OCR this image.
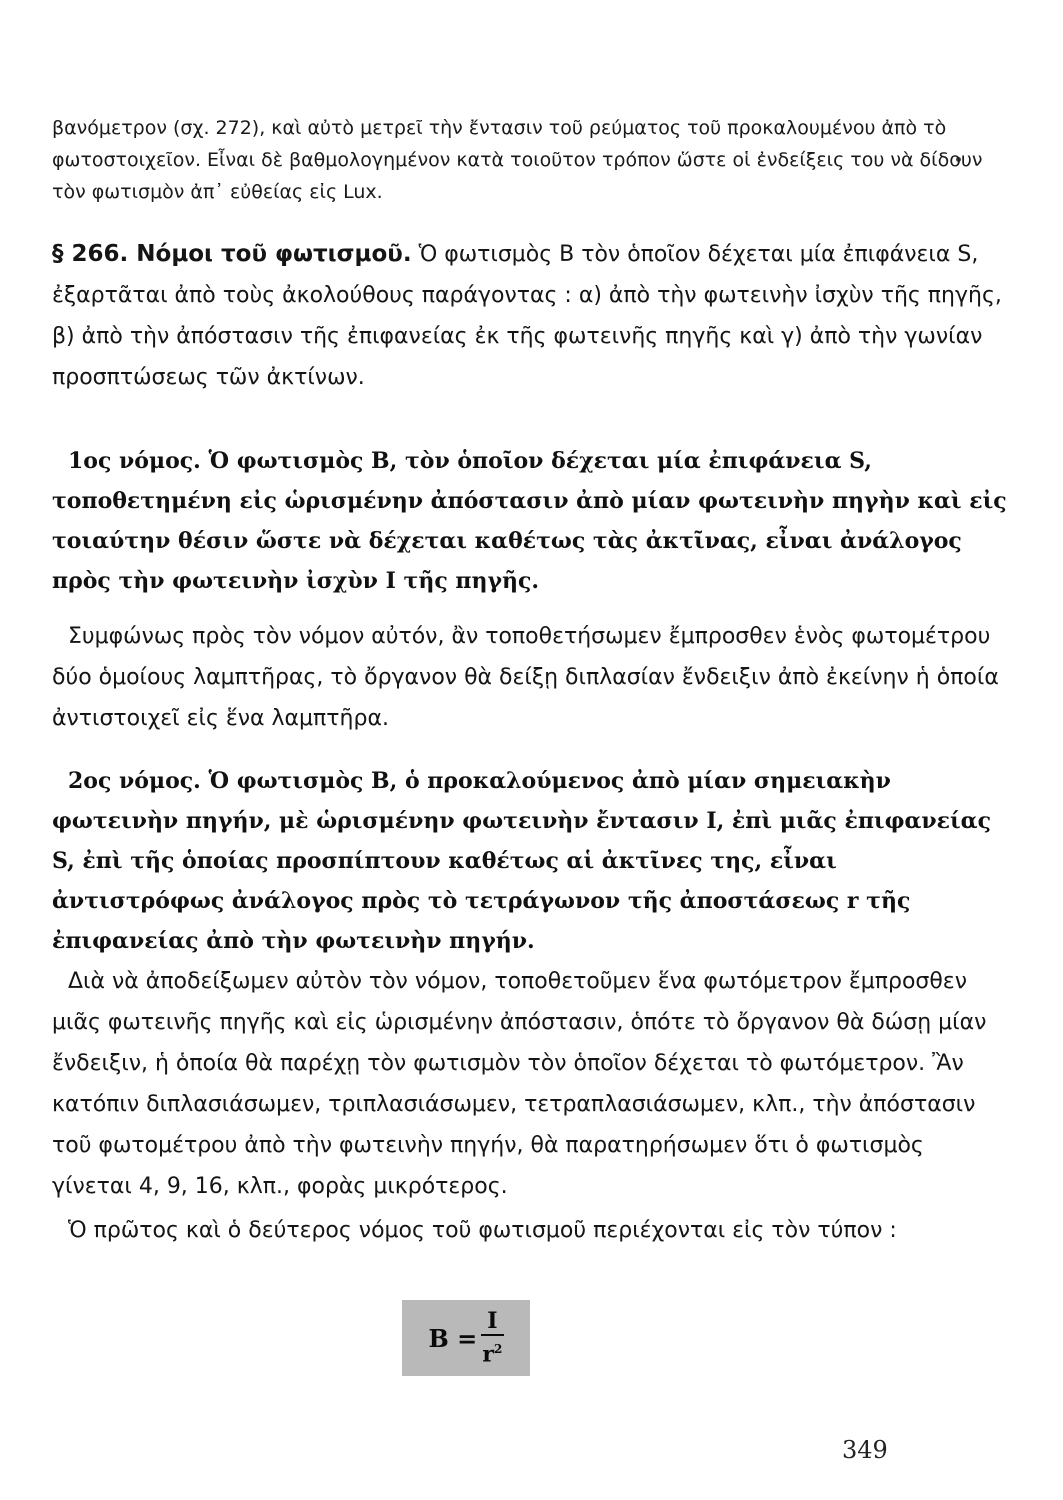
βανόμετρον (σχ. 272), καὶ αὐτὸ μετρεῖ τὴν ἔντασιν τοῦ ρεύματος τοῦ προκαλουμένου ἀπὸ τὸ φωτοστοιχεῖον. Εἶναι δὲ βαθμολογημένον κατὰ τοιοῦτον τρόπον ὥστε οἱ ἐνδείξεις του νὰ δίδουν τὸν φωτισμὸν ἀπ᾽ εὐθείας εἰς Lux.
§ 266. Νόμοι τοῦ φωτισμοῦ. Ὁ φωτισμὸς Β τὸν ὁποῖον δέχεται μία ἐπιφάνεια S, ἐξαρτᾶται ἀπὸ τοὺς ἀκολούθους παράγοντας : α) ἀπὸ τὴν φωτεινὴν ἰσχὺν τῆς πηγῆς, β) ἀπὸ τὴν ἀπόστασιν τῆς ἐπιφανείας ἐκ τῆς φωτεινῆς πηγῆς καὶ γ) ἀπὸ τὴν γωνίαν προσπτώσεως τῶν ἀκτίνων.
1ος νόμος. Ὁ φωτισμὸς Β, τὸν ὁποῖον δέχεται μία ἐπιφάνεια S, τοποθετημένη εἰς ὡρισμένην ἀπόστασιν ἀπὸ μίαν φωτεινὴν πηγὴν καὶ εἰς τοιαύτην θέσιν ὥστε νὰ δέχεται καθέτως τὰς ἀκτῖνας, εἶναι ἀνάλογος πρὸς τὴν φωτεινὴν ἰσχὺν Ι τῆς πηγῆς.
Συμφώνως πρὸς τὸν νόμον αὐτόν, ἂν τοποθετήσωμεν ἔμπροσθεν ἑνὸς φωτομέτρου δύο ὁμοίους λαμπτῆρας, τὸ ὄργανον θὰ δείξῃ διπλασίαν ἔνδειξιν ἀπὸ ἐκείνην ἡ ὁποία ἀντιστοιχεῖ εἰς ἕνα λαμπτῆρα.
2ος νόμος. Ὁ φωτισμὸς Β, ὁ προκαλούμενος ἀπὸ μίαν σημειακὴν φωτεινὴν πηγήν, μὲ ὡρισμένην φωτεινὴν ἔντασιν Ι, ἐπὶ μιᾶς ἐπιφανείας S, ἐπὶ τῆς ὁποίας προσπίπτουν καθέτως αἱ ἀκτῖνες της, εἶναι ἀντιστρόφως ἀνάλογος πρὸς τὸ τετράγωνον τῆς ἀποστάσεως r τῆς ἐπιφανείας ἀπὸ τὴν φωτεινὴν πηγήν.
Διὰ νὰ ἀποδείξωμεν αὐτὸν τὸν νόμον, τοποθετοῦμεν ἕνα φωτόμετρον ἔμπροσθεν μιᾶς φωτεινῆς πηγῆς καὶ εἰς ὡρισμένην ἀπόστασιν, ὁπότε τὸ ὄργανον θὰ δώσῃ μίαν ἔνδειξιν, ἡ ὁποία θὰ παρέχῃ τὸν φωτισμὸν τὸν ὁποῖον δέχεται τὸ φωτόμετρον. Ἂν κατόπιν διπλασιάσωμεν, τριπλασιάσωμεν, τετραπλασιάσωμεν, κλπ., τὴν ἀπόστασιν τοῦ φωτομέτρου ἀπὸ τὴν φωτεινὴν πηγήν, θὰ παρατηρήσωμεν ὅτι ὁ φωτισμὸς γίνεται 4, 9, 16, κλπ., φορὰς μικρότερος.
Ὁ πρῶτος καὶ ὁ δεύτερος νόμος τοῦ φωτισμοῦ περιέχονται εἰς τὸν τύπον :
$B = \frac{I}{r^2}$
349
